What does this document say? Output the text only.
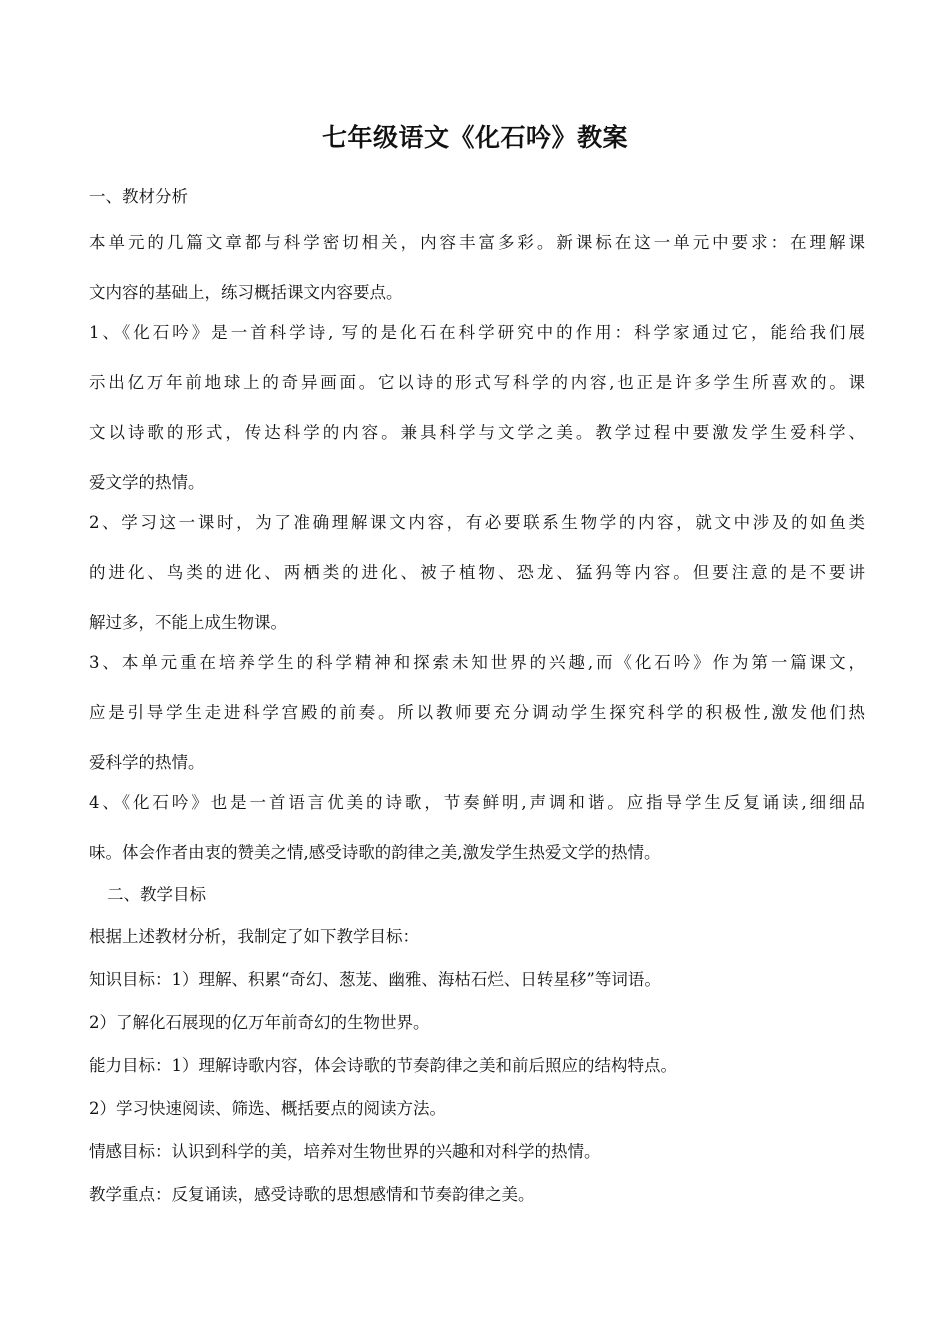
七年级语文《化石吟》教案
一、教材分析
本单元的几篇文章都与科学密切相关，内容丰富多彩。新课标在这一单元中要求：在理解课
文内容的基础上，练习概括课文内容要点。
1、《化石吟》是一首科学诗, 写的是化石在科学研究中的作用：科学家通过它，能给我们展
示出亿万年前地球上的奇异画面。它以诗的形式写科学的内容,也正是许多学生所喜欢的。课
文以诗歌的形式，传达科学的内容。兼具科学与文学之美。教学过程中要激发学生爱科学、
爱文学的热情。
2、学习这一课时，为了准确理解课文内容，有必要联系生物学的内容，就文中涉及的如鱼类
的进化、鸟类的进化、两栖类的进化、被子植物、恐龙、猛犸等内容。但要注意的是不要讲
解过多，不能上成生物课。
3、本单元重在培养学生的科学精神和探索未知世界的兴趣,而《化石吟》作为第一篇课文，
应是引导学生走进科学宫殿的前奏。所以教师要充分调动学生探究科学的积极性,激发他们热
爱科学的热情。
4、《化石吟》也是一首语言优美的诗歌，节奏鲜明,声调和谐。应指导学生反复诵读,细细品
味。体会作者由衷的赞美之情,感受诗歌的韵律之美,激发学生热爱文学的热情。
二、教学目标
根据上述教材分析，我制定了如下教学目标：
知识目标：1）理解、积累“奇幻、葱茏、幽雅、海枯石烂、日转星移”等词语。
2）了解化石展现的亿万年前奇幻的生物世界。
能力目标：1）理解诗歌内容，体会诗歌的节奏韵律之美和前后照应的结构特点。
2）学习快速阅读、筛选、概括要点的阅读方法。
情感目标：认识到科学的美，培养对生物世界的兴趣和对科学的热情。
教学重点：反复诵读，感受诗歌的思想感情和节奏韵律之美。
